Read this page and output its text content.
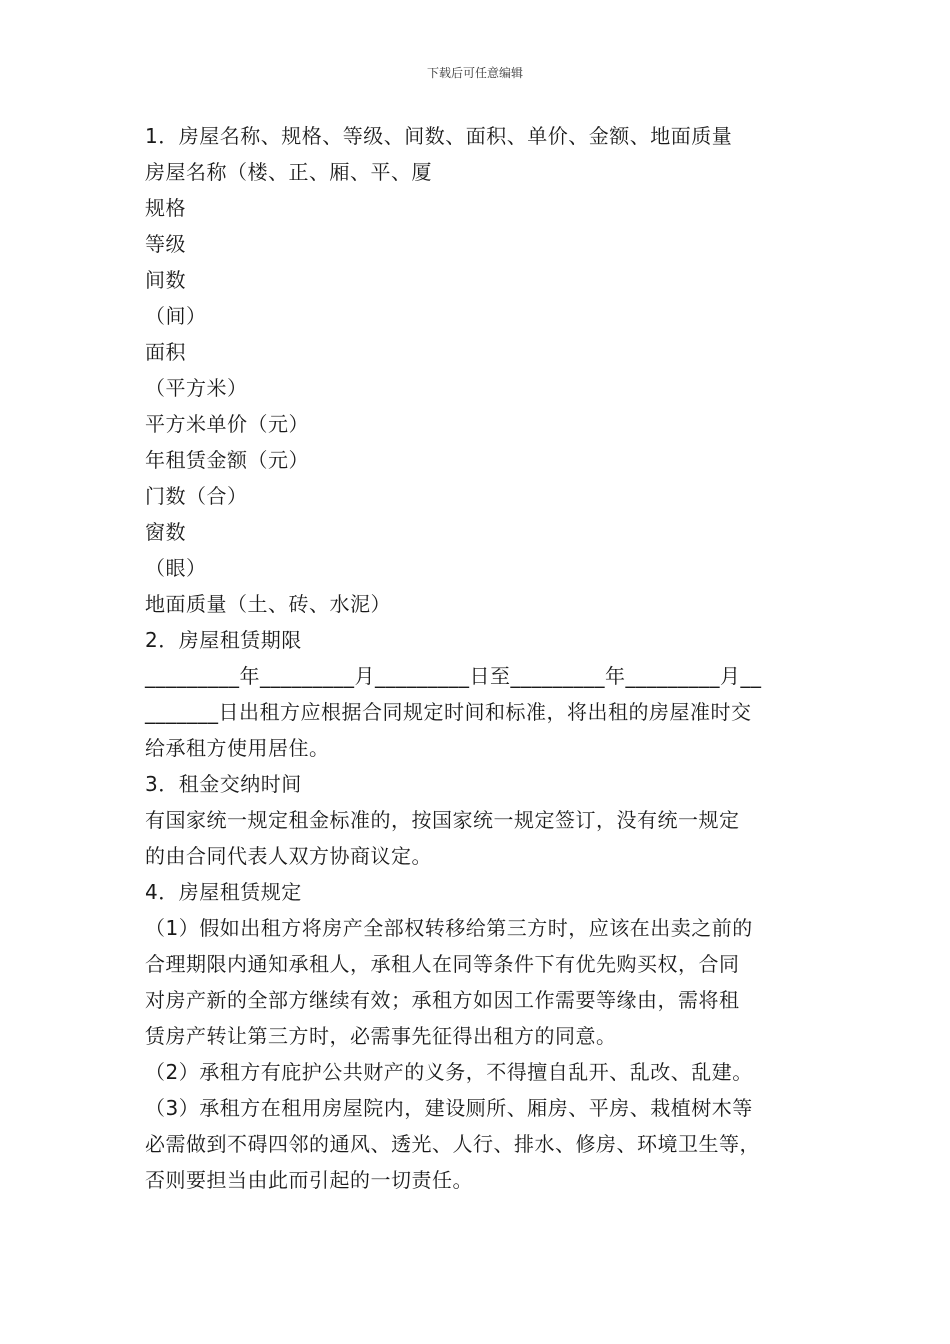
下载后可任意编辑
1．房屋名称、规格、等级、间数、面积、单价、金额、地面质量
房屋名称（楼、正、厢、平、厦
规格
等级
间数
（间）
面积
（平方米）
平方米单价（元）
年租赁金额（元）
门数（合）
窗数
（眼）
地面质量（土、砖、水泥）
2．房屋租赁期限
_________年_________月_________日至_________年_________月__
_______日出租方应根据合同规定时间和标准，将出租的房屋准时交
给承租方使用居住。
3．租金交纳时间
有国家统一规定租金标准的，按国家统一规定签订，没有统一规定
的由合同代表人双方协商议定。
4．房屋租赁规定
（1）假如出租方将房产全部权转移给第三方时，应该在出卖之前的
合理期限内通知承租人，承租人在同等条件下有优先购买权，合同
对房产新的全部方继续有效；承租方如因工作需要等缘由，需将租
赁房产转让第三方时，必需事先征得出租方的同意。
（2）承租方有庇护公共财产的义务，不得擅自乱开、乱改、乱建。
（3）承租方在租用房屋院内，建设厕所、厢房、平房、栽植树木等
必需做到不碍四邻的通风、透光、人行、排水、修房、环境卫生等，
否则要担当由此而引起的一切责任。
